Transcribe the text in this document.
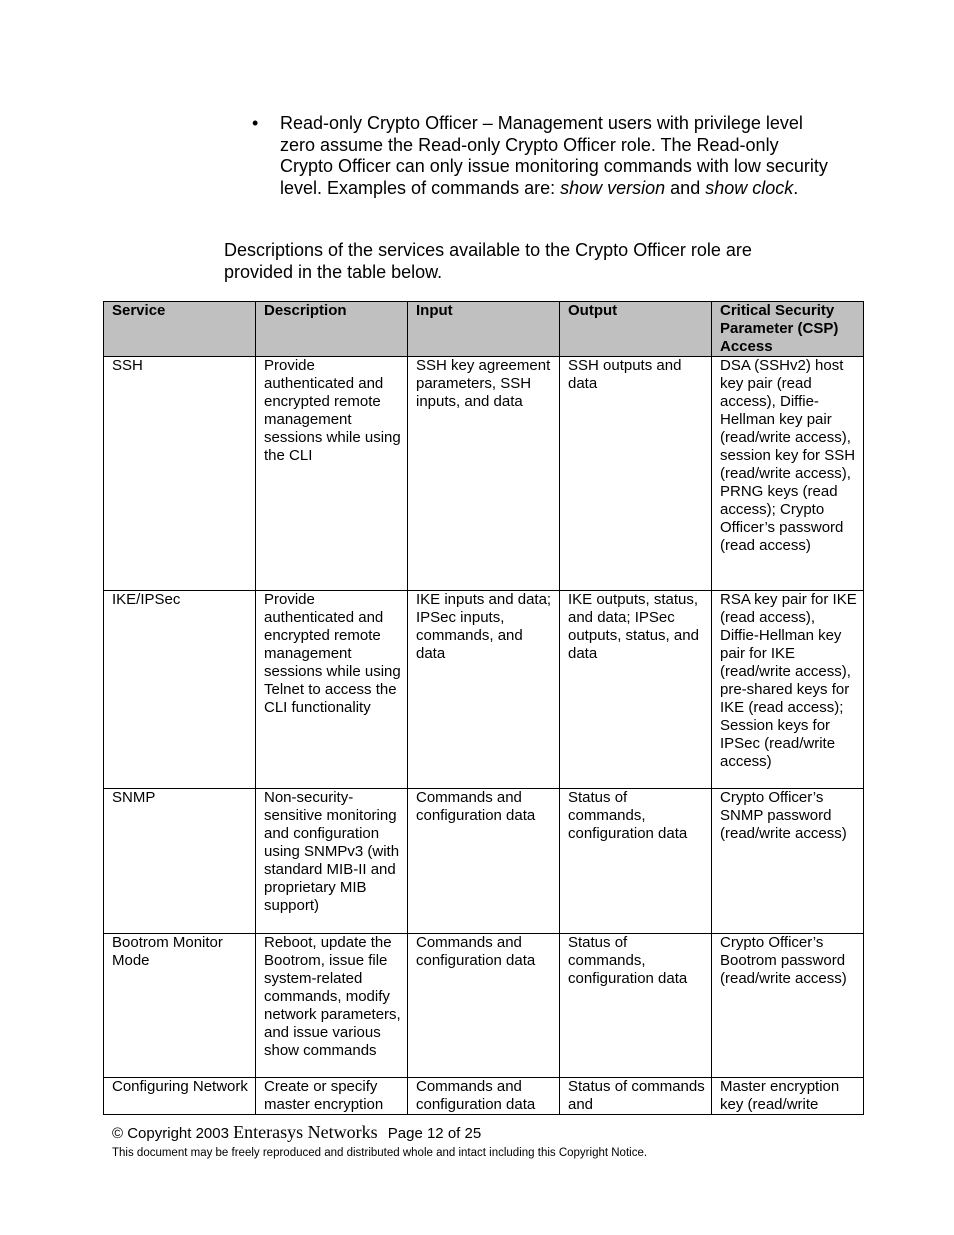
• Read-only Crypto Officer – Management users with privilege level zero assume the Read-only Crypto Officer role. The Read-only Crypto Officer can only issue monitoring commands with low security level. Examples of commands are: show version and show clock.

Descriptions of the services available to the Crypto Officer role are provided in the table below.

Service	Description	Input	Output	Critical Security Parameter (CSP) Access
SSH	Provide authenticated and encrypted remote management sessions while using the CLI	SSH key agreement parameters, SSH inputs, and data	SSH outputs and data	DSA (SSHv2) host key pair (read access), Diffie-Hellman key pair (read/write access), session key for SSH (read/write access), PRNG keys (read access); Crypto Officer’s password (read access)
IKE/IPSec	Provide authenticated and encrypted remote management sessions while using Telnet to access the CLI functionality	IKE inputs and data; IPSec inputs, commands, and data	IKE outputs, status, and data; IPSec outputs, status, and data	RSA key pair for IKE (read access), Diffie-Hellman key pair for IKE (read/write access), pre-shared keys for IKE (read access); Session keys for IPSec (read/write access)
SNMP	Non-security-sensitive monitoring and configuration using SNMPv3 (with standard MIB-II and proprietary MIB support)	Commands and configuration data	Status of commands, configuration data	Crypto Officer’s SNMP password (read/write access)
Bootrom Monitor Mode	Reboot, update the Bootrom, issue file system-related commands, modify network parameters, and issue various show commands	Commands and configuration data	Status of commands, configuration data	Crypto Officer’s Bootrom password (read/write access)
Configuring Network	Create or specify master encryption	Commands and configuration data	Status of commands and	Master encryption key (read/write
© Copyright 2003 Enterasys Networks Page 12 of 25
This document may be freely reproduced and distributed whole and intact including this Copyright Notice.
